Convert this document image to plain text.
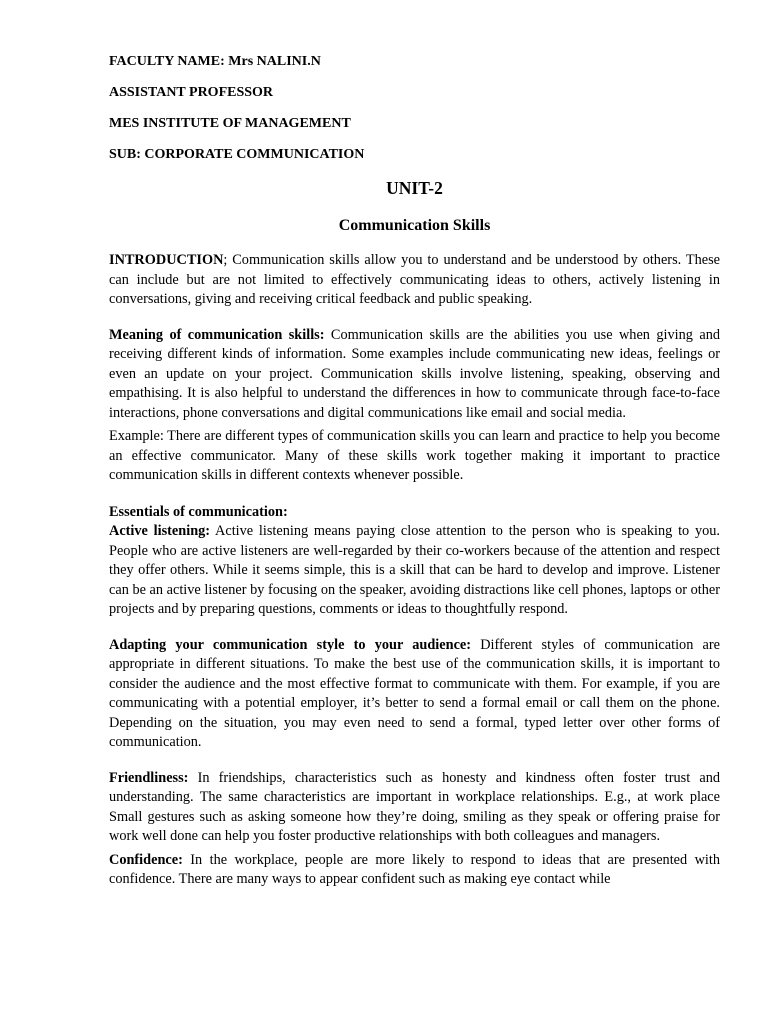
FACULTY NAME: Mrs NALINI.N
ASSISTANT PROFESSOR
MES INSTITUTE OF MANAGEMENT
SUB: CORPORATE COMMUNICATION
UNIT-2
Communication Skills

INTRODUCTION; Communication skills allow you to understand and be understood by others. These can include but are not limited to effectively communicating ideas to others, actively listening in conversations, giving and receiving critical feedback and public speaking.

Meaning of communication skills: Communication skills are the abilities you use when giving and receiving different kinds of information. Some examples include communicating new ideas, feelings or even an update on your project. Communication skills involve listening, speaking, observing and empathising. It is also helpful to understand the differences in how to communicate through face-to-face interactions, phone conversations and digital communications like email and social media.

Example: There are different types of communication skills you can learn and practice to help you become an effective communicator. Many of these skills work together making it important to practice communication skills in different contexts whenever possible.

Essentials of communication:

Active listening: Active listening means paying close attention to the person who is speaking to you. People who are active listeners are well-regarded by their co-workers because of the attention and respect they offer others. While it seems simple, this is a skill that can be hard to develop and improve. Listener can be an active listener by focusing on the speaker, avoiding distractions like cell phones, laptops or other projects and by preparing questions, comments or ideas to thoughtfully respond.

Adapting your communication style to your audience: Different styles of communication are appropriate in different situations. To make the best use of the communication skills, it is important to consider the audience and the most effective format to communicate with them. For example, if you are communicating with a potential employer, it’s better to send a formal email or call them on the phone. Depending on the situation, you may even need to send a formal, typed letter over other forms of communication.

Friendliness: In friendships, characteristics such as honesty and kindness often foster trust and understanding. The same characteristics are important in workplace relationships. E.g., at work place Small gestures such as asking someone how they’re doing, smiling as they speak or offering praise for work well done can help you foster productive relationships with both colleagues and managers.

Confidence: In the workplace, people are more likely to respond to ideas that are presented with confidence. There are many ways to appear confident such as making eye contact while
